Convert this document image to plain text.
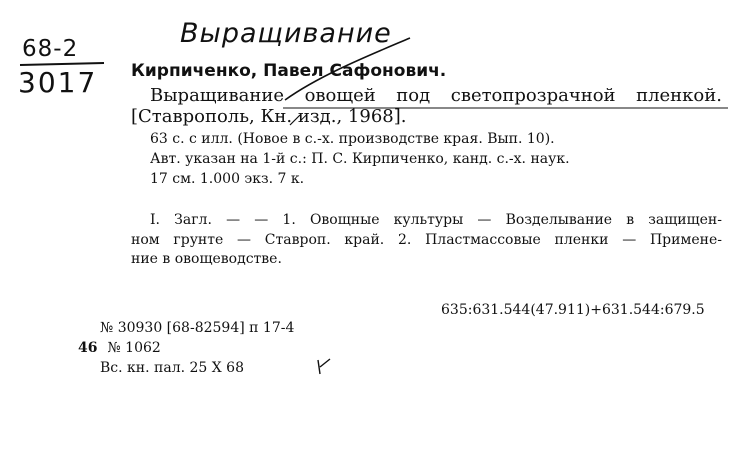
Выращивание
68-2
3017 Кирпиченко, Павел Сафонович.
Выращивание овощей под светопрозрачной пленкой.
[Ставрополь, Кн. изд., 1968].
63 с. с илл. (Новое в с.-х. производстве края. Вып. 10).
Авт. указан на 1-й с.: П. С. Кирпиченко, канд. с.-х. наук.
17 см. 1.000 экз. 7 к.
I. Загл. — — 1. Овощные культуры — Возделывание в защищен-
ном грунте — Ставроп. край. 2. Пластмассовые пленки — Примене-
ние в овощеводстве.
635:631.544(47.911)+631.544:679.5
№ 30930 [68-82594] п 17-4
46 № 1062
Вс. кн. пал. 25 X 68
